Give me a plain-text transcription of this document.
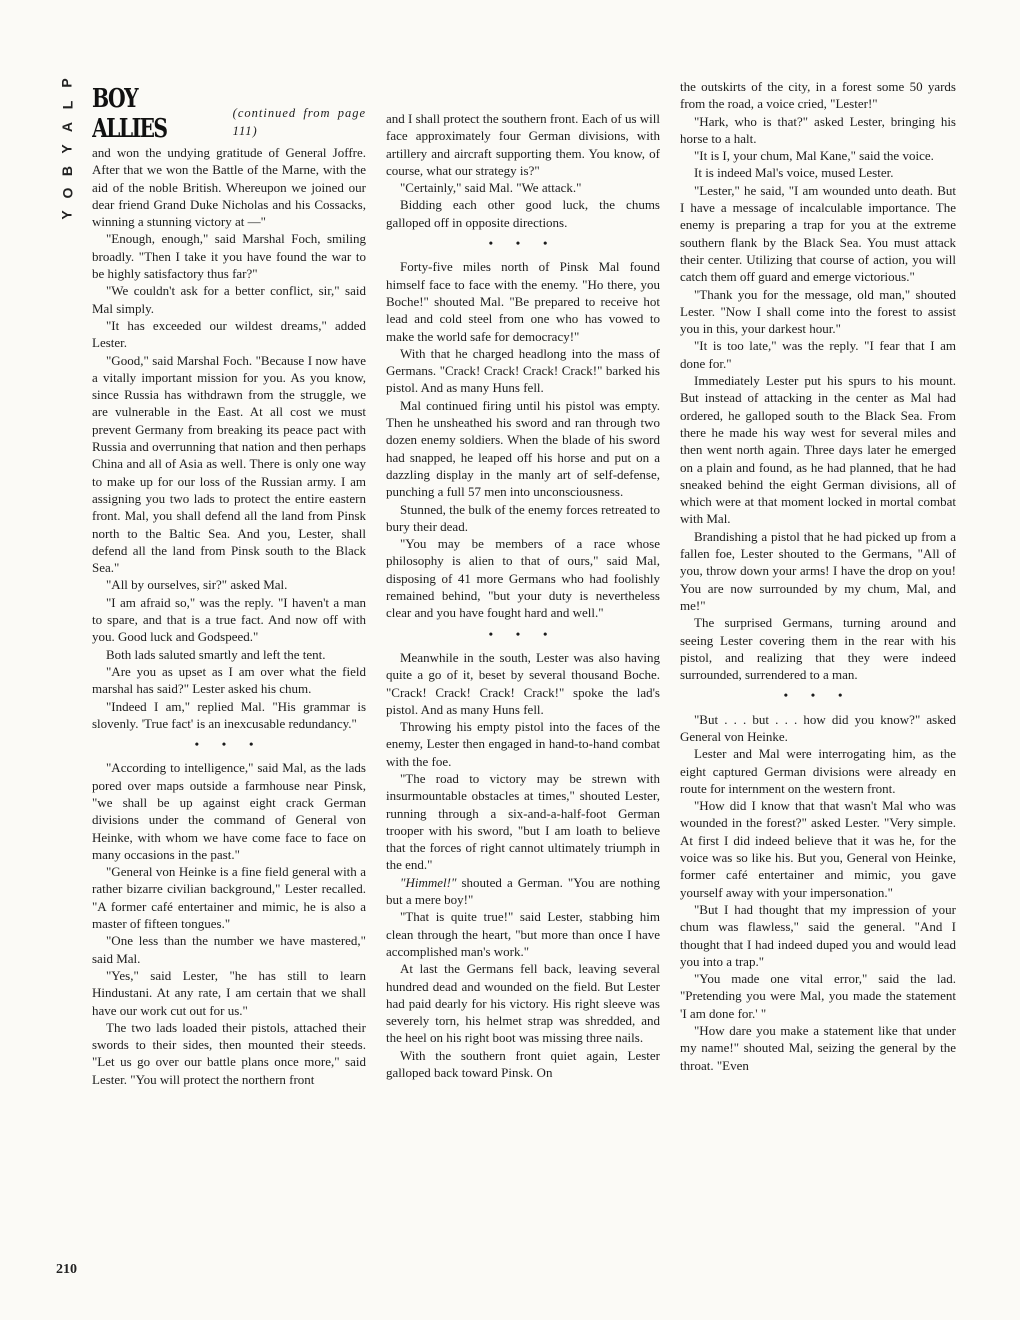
P
L
A
Y
B
O
Y
210
BOY ALLIES
(continued from page 111)

and won the undying gratitude of General Joffre. After that we won the Battle of the Marne, with the aid of the noble British. Whereupon we joined our dear friend Grand Duke Nicholas and his Cossacks, winning a stunning victory at —"

"Enough, enough," said Marshal Foch, smiling broadly. "Then I take it you have found the war to be highly satisfactory thus far?"

"We couldn't ask for a better conflict, sir," said Mal simply.

"It has exceeded our wildest dreams," added Lester.

"Good," said Marshal Foch. "Because I now have a vitally important mission for you. As you know, since Russia has withdrawn from the struggle, we are vulnerable in the East. At all cost we must prevent Germany from breaking its peace pact with Russia and overrunning that nation and then perhaps China and all of Asia as well. There is only one way to make up for our loss of the Russian army. I am assigning you two lads to protect the entire eastern front. Mal, you shall defend all the land from Pinsk north to the Baltic Sea. And you, Lester, shall defend all the land from Pinsk south to the Black Sea."

"All by ourselves, sir?" asked Mal.

"I am afraid so," was the reply. "I haven't a man to spare, and that is a true fact. And now off with you. Good luck and Godspeed."

Both lads saluted smartly and left the tent.

"Are you as upset as I am over what the field marshal has said?" Lester asked his chum.

"Indeed I am," replied Mal. "His grammar is slovenly. 'True fact' is an inexcusable redundancy."

• • •

"According to intelligence," said Mal, as the lads pored over maps outside a farmhouse near Pinsk, "we shall be up against eight crack German divisions under the command of General von Heinke, with whom we have come face to face on many occasions in the past."

"General von Heinke is a fine field general with a rather bizarre civilian background," Lester recalled. "A former café entertainer and mimic, he is also a master of fifteen tongues."

"One less than the number we have mastered," said Mal.

"Yes," said Lester, "he has still to learn Hindustani. At any rate, I am certain that we shall have our work cut out for us."

The two lads loaded their pistols, attached their swords to their sides, then mounted their steeds. "Let us go over our battle plans once more," said Lester. "You will protect the northern front

and I shall protect the southern front. Each of us will face approximately four German divisions, with artillery and aircraft supporting them. You know, of course, what our strategy is?"

"Certainly," said Mal. "We attack."

Bidding each other good luck, the chums galloped off in opposite directions.

• • •

Forty-five miles north of Pinsk Mal found himself face to face with the enemy. "Ho there, you Boche!" shouted Mal. "Be prepared to receive hot lead and cold steel from one who has vowed to make the world safe for democracy!"

With that he charged headlong into the mass of Germans. "Crack! Crack! Crack! Crack!" barked his pistol. And as many Huns fell.

Mal continued firing until his pistol was empty. Then he unsheathed his sword and ran through two dozen enemy soldiers. When the blade of his sword had snapped, he leaped off his horse and put on a dazzling display in the manly art of self-defense, punching a full 57 men into unconsciousness.

Stunned, the bulk of the enemy forces retreated to bury their dead.

"You may be members of a race whose philosophy is alien to that of ours," said Mal, disposing of 41 more Germans who had foolishly remained behind, "but your duty is nevertheless clear and you have fought hard and well."

• • •

Meanwhile in the south, Lester was also having quite a go of it, beset by several thousand Boche. "Crack! Crack! Crack! Crack!" spoke the lad's pistol. And as many Huns fell.

Throwing his empty pistol into the faces of the enemy, Lester then engaged in hand-to-hand combat with the foe.

"The road to victory may be strewn with insurmountable obstacles at times," shouted Lester, running through a six-and-a-half-foot German trooper with his sword, "but I am loath to believe that the forces of right cannot ultimately triumph in the end."

"Himmel!" shouted a German. "You are nothing but a mere boy!"

"That is quite true!" said Lester, stabbing him clean through the heart, "but more than once I have accomplished man's work."

At last the Germans fell back, leaving several hundred dead and wounded on the field. But Lester had paid dearly for his victory. His right sleeve was severely torn, his helmet strap was shredded, and the heel on his right boot was missing three nails.

With the southern front quiet again, Lester galloped back toward Pinsk. On

the outskirts of the city, in a forest some 50 yards from the road, a voice cried, "Lester!"

"Hark, who is that?" asked Lester, bringing his horse to a halt.

"It is I, your chum, Mal Kane," said the voice.

It is indeed Mal's voice, mused Lester.

"Lester," he said, "I am wounded unto death. But I have a message of incalculable importance. The enemy is preparing a trap for you at the extreme southern flank by the Black Sea. You must attack their center. Utilizing that course of action, you will catch them off guard and emerge victorious."

"Thank you for the message, old man," shouted Lester. "Now I shall come into the forest to assist you in this, your darkest hour."

"It is too late," was the reply. "I fear that I am done for."

Immediately Lester put his spurs to his mount. But instead of attacking in the center as Mal had ordered, he galloped south to the Black Sea. From there he made his way west for several miles and then went north again. Three days later he emerged on a plain and found, as he had planned, that he had sneaked behind the eight German divisions, all of which were at that moment locked in mortal combat with Mal.

Brandishing a pistol that he had picked up from a fallen foe, Lester shouted to the Germans, "All of you, throw down your arms! I have the drop on you! You are now surrounded by my chum, Mal, and me!"

The surprised Germans, turning around and seeing Lester covering them in the rear with his pistol, and realizing that they were indeed surrounded, surrendered to a man.

• • •

"But . . . but . . . how did you know?" asked General von Heinke.

Lester and Mal were interrogating him, as the eight captured German divisions were already en route for internment on the western front.

"How did I know that that wasn't Mal who was wounded in the forest?" asked Lester. "Very simple. At first I did indeed believe that it was he, for the voice was so like his. But you, General von Heinke, former café entertainer and mimic, you gave yourself away with your impersonation."

"But I had thought that my impression of your chum was flawless," said the general. "And I thought that I had indeed duped you and would lead you into a trap."

"You made one vital error," said the lad. "Pretending you were Mal, you made the statement 'I am done for.' "

"How dare you make a statement like that under my name!" shouted Mal, seizing the general by the throat. "Even
